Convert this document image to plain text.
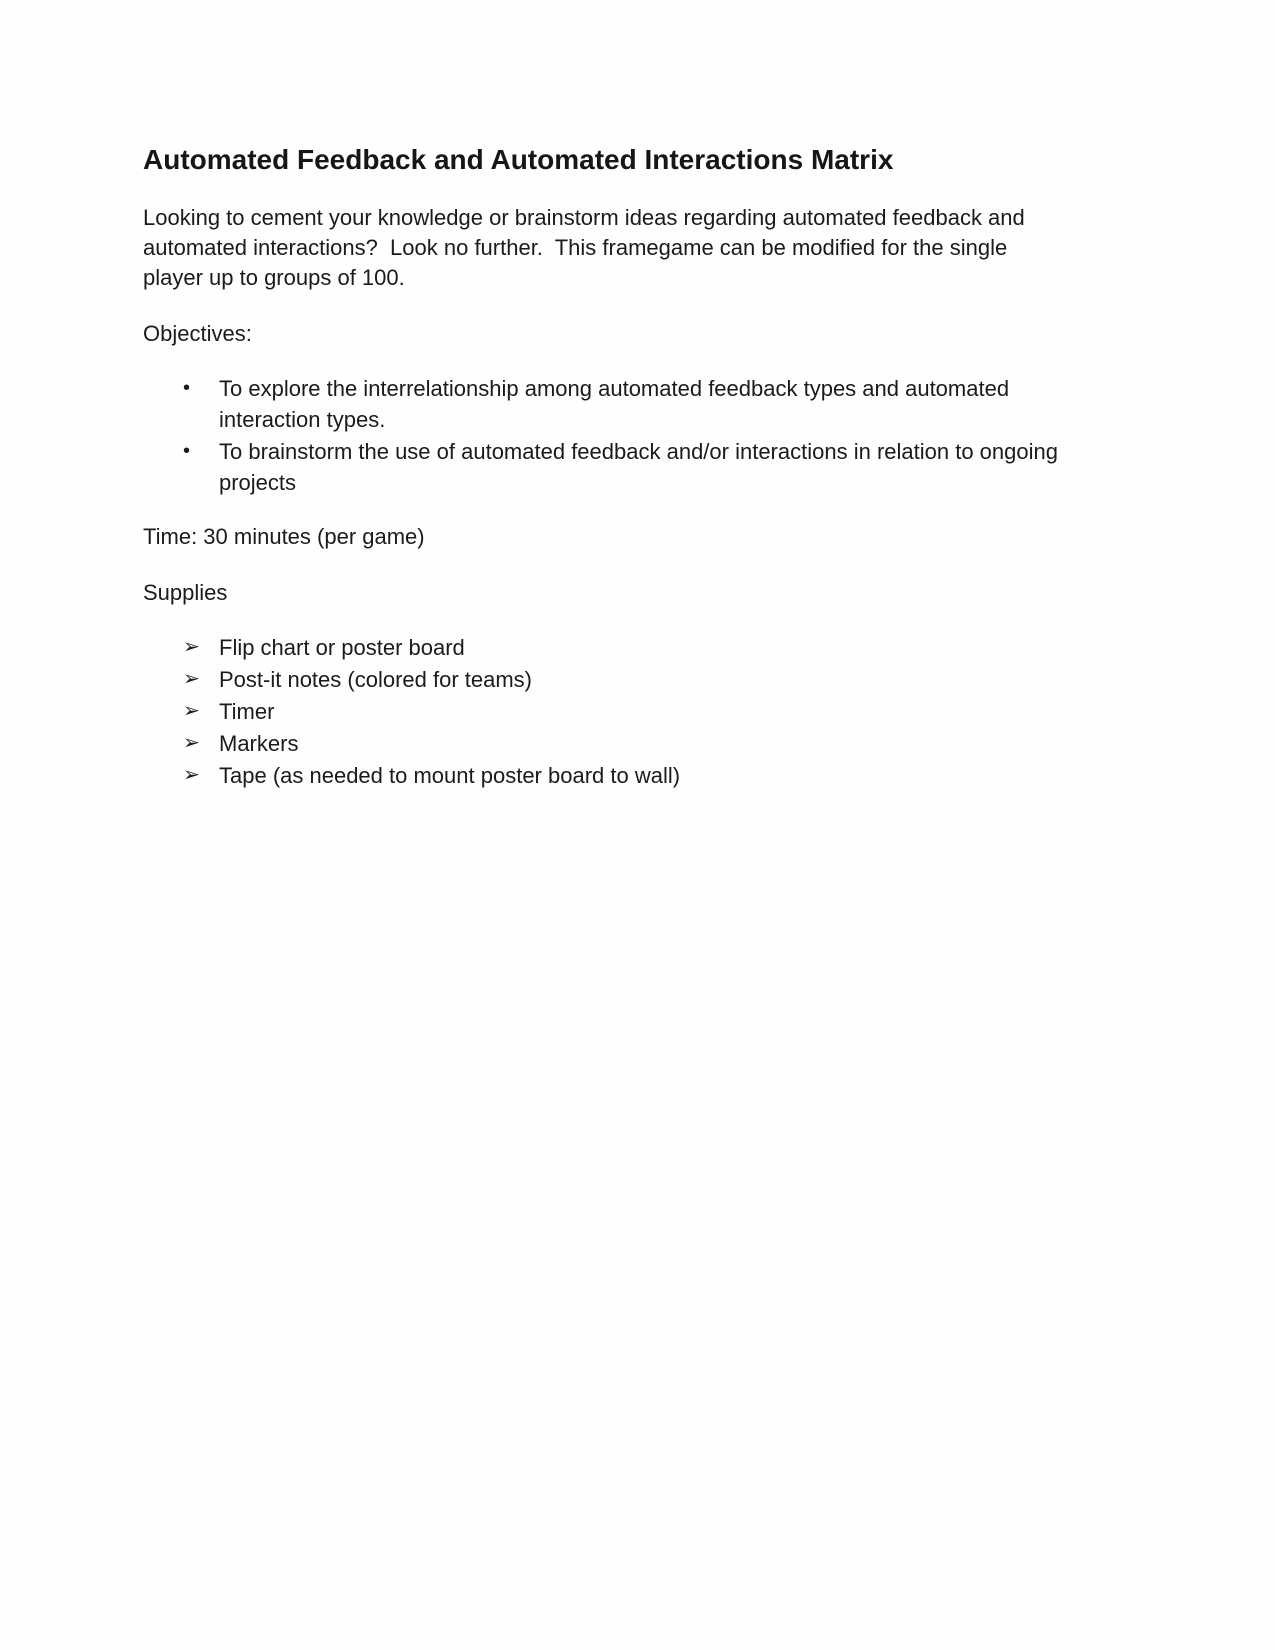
Automated Feedback and Automated Interactions Matrix

Looking to cement your knowledge or brainstorm ideas regarding automated feedback and automated interactions?  Look no further.  This framegame can be modified for the single player up to groups of 100.

Objectives:

•	To explore the interrelationship among automated feedback types and automated interaction types.
•	To brainstorm the use of automated feedback and/or interactions in relation to ongoing projects

Time: 30 minutes (per game)

Supplies

➢ Flip chart or poster board
➢ Post-it notes (colored for teams)
➢ Timer
➢ Markers
➢ Tape (as needed to mount poster board to wall)
